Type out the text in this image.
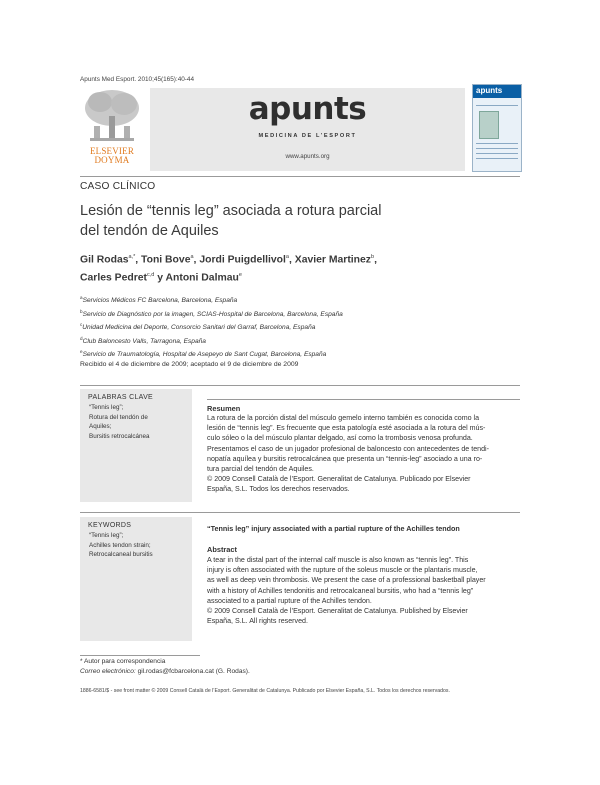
Apunts Med Esport. 2010;45(165):40-44
ELSEVIER
DOYMA
apunts
MEDICINA DE L’ESPORT
www.apunts.org
apunts
CASO CLÍNICO
Lesión de “tennis leg” asociada a rotura parcial
del tendón de Aquiles
Gil Rodas$^{a,*}$, Toni Bove$^a$, Jordi Puigdellivol$^a$, Xavier Martinez$^b$,
Carles Pedret$^{c,d}$ y Antoni Dalmau$^e$
$^a$Servicios Médicos FC Barcelona, Barcelona, España
$^b$Servicio de Diagnóstico por la imagen, SCIAS-Hospital de Barcelona, Barcelona, España
$^c$Unidad Medicina del Deporte, Consorcio Sanitari del Garraf, Barcelona, España
$^d$Club Baloncesto Valls, Tarragona, España
$^e$Servicio de Traumatología, Hospital de Asepeyo de Sant Cugat, Barcelona, España
Recibido el 4 de diciembre de 2009; aceptado el 9 de diciembre de 2009
PALABRAS CLAVE
“Tennis leg”;
Rotura del tendón de
Aquiles;
Bursitis retrocalcánea
Resumen
La rotura de la porción distal del músculo gemelo interno también es conocida como la
lesión de “tennis leg”. Es frecuente que esta patología esté asociada a la rotura del mús-
culo sóleo o la del músculo plantar delgado, así como la trombosis venosa profunda.
Presentamos el caso de un jugador profesional de baloncesto con antecedentes de tendi-
nopatía aquílea y bursitis retrocalcánea que presenta un “tennis-leg” asociado a una ro-
tura parcial del tendón de Aquiles.
© 2009 Consell Català de l’Esport. Generalitat de Catalunya. Publicado por Elsevier
España, S.L. Todos los derechos reservados.
KEYWORDS
“Tennis leg”;
Achilles tendon strain;
Retrocalcaneal bursitis
“Tennis leg” injury associated with a partial rupture of the Achilles tendon
Abstract
A tear in the distal part of the internal calf muscle is also known as “tennis leg”. This
injury is often associated with the rupture of the soleus muscle or the plantaris muscle,
as well as deep vein thrombosis. We present the case of a professional basketball player
with a history of Achilles tendonitis and retrocalcaneal bursitis, who had a “tennis leg”
associated to a partial rupture of the Achilles tendon.
© 2009 Consell Català de l’Esport. Generalitat de Catalunya. Published by Elsevier
España, S.L. All rights reserved.
* Autor para correspondencia
Correo electrónico: gil.rodas@fcbarcelona.cat (G. Rodas).
1886-6581/$ - see front matter © 2009 Consell Català de l’Esport. Generalitat de Catalunya. Publicado por Elsevier España, S.L. Todos los derechos reservados.
